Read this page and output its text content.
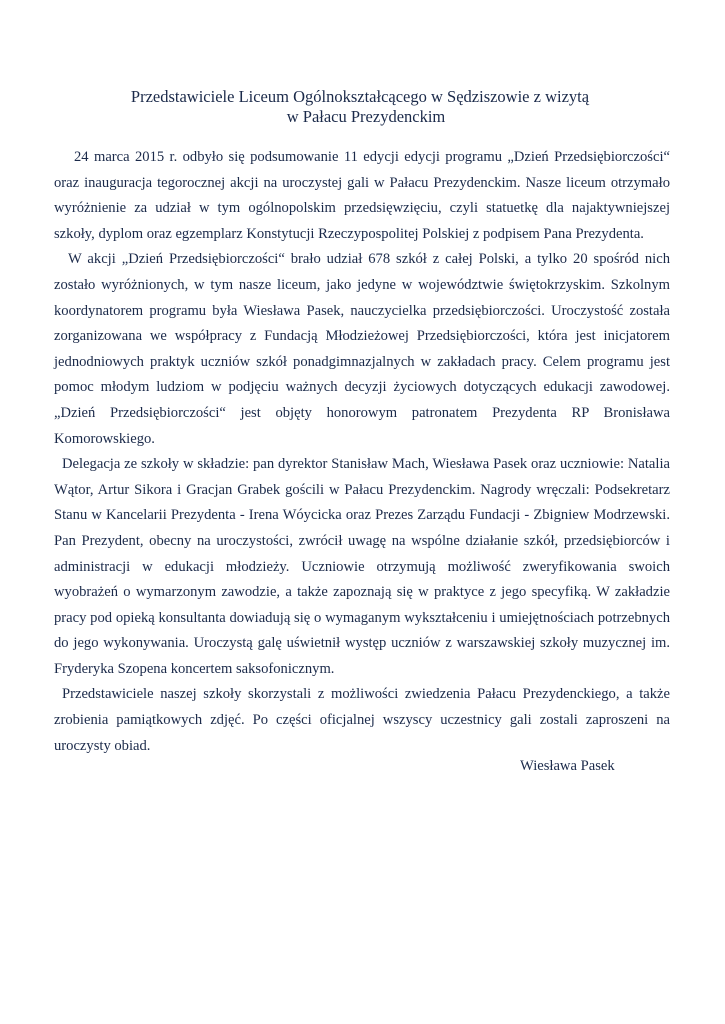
Przedstawiciele Liceum Ogólnokształcącego w Sędziszowie z wizytą
w Pałacu Prezydenckim

24 marca 2015 r. odbyło się podsumowanie 11 edycji edycji programu „Dzień Przedsiębiorczości“ oraz inauguracja tegorocznej akcji na uroczystej gali w Pałacu Prezydenckim. Nasze liceum otrzymało wyróżnienie za udział w tym ogólnopolskim przedsięwzięciu, czyli statuetkę dla najaktywniejszej szkoły, dyplom oraz egzemplarz Konstytucji Rzeczypospolitej Polskiej z podpisem Pana Prezydenta.

W akcji „Dzień Przedsiębiorczości“ brało udział 678 szkół z całej Polski, a tylko 20 spośród nich zostało wyróżnionych, w tym nasze liceum, jako jedyne w województwie świętokrzyskim. Szkolnym koordynatorem programu była Wiesława Pasek, nauczycielka przedsiębiorczości. Uroczystość została zorganizowana we współpracy z Fundacją Młodzieżowej Przedsiębiorczości, która jest inicjatorem jednodniowych praktyk uczniów szkół ponadgimnazjalnych w zakładach pracy. Celem programu jest pomoc młodym ludziom w podjęciu ważnych decyzji życiowych dotyczących edukacji zawodowej. „Dzień Przedsiębiorczości“ jest objęty honorowym patronatem Prezydenta RP Bronisława Komorowskiego.

Delegacja ze szkoły w składzie: pan dyrektor Stanisław Mach, Wiesława Pasek oraz uczniowie: Natalia Wątor, Artur Sikora i Gracjan Grabek gościli w Pałacu Prezydenckim. Nagrody wręczali: Podsekretarz Stanu w Kancelarii Prezydenta - Irena Wóycicka oraz Prezes Zarządu Fundacji - Zbigniew Modrzewski. Pan Prezydent, obecny na uroczystości, zwrócił uwagę na wspólne działanie szkół, przedsiębiorców i administracji w edukacji młodzieży. Uczniowie otrzymują możliwość zweryfikowania swoich wyobrażeń o wymarzonym zawodzie, a także zapoznają się w praktyce z jego specyfiką. W zakładzie pracy pod opieką konsultanta dowiadują się o wymaganym wykształceniu i umiejętnościach potrzebnych do jego wykonywania. Uroczystą galę uświetnił występ uczniów z warszawskiej szkoły muzycznej im. Fryderyka Szopena koncertem saksofonicznym.

Przedstawiciele naszej szkoły skorzystali z możliwości zwiedzenia Pałacu Prezydenckiego, a także zrobienia pamiątkowych zdjęć. Po części oficjalnej wszyscy uczestnicy gali zostali zaproszeni na uroczysty obiad.

Wiesława Pasek
